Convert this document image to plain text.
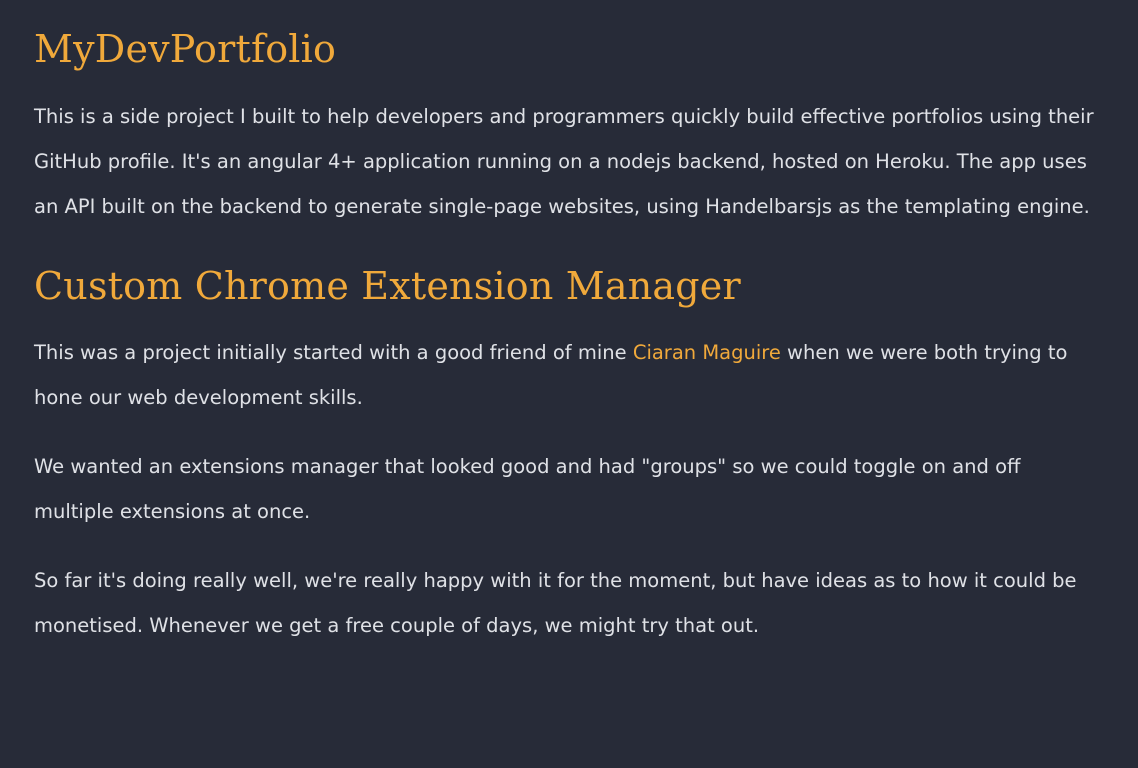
MyDevPortfolio

This is a side project I built to help developers and programmers quickly build effective portfolios using their GitHub profile. It's an angular 4+ application running on a nodejs backend, hosted on Heroku. The app uses an API built on the backend to generate single-page websites, using Handelbarsjs as the templating engine.

Custom Chrome Extension Manager

This was a project initially started with a good friend of mine Ciaran Maguire when we were both trying to hone our web development skills.

We wanted an extensions manager that looked good and had "groups" so we could toggle on and off multiple extensions at once.

So far it's doing really well, we're really happy with it for the moment, but have ideas as to how it could be monetised. Whenever we get a free couple of days, we might try that out.
